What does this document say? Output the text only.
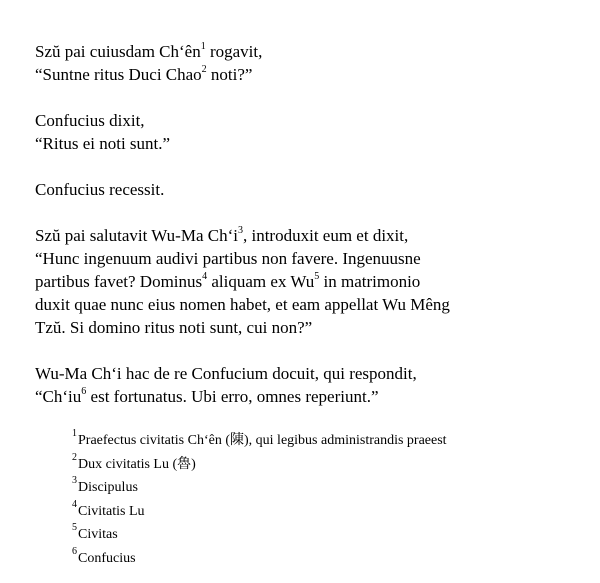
Szŭ pai cuiusdam $Ch‘ên^1$ rogavit,
“Suntne ritus Duci Chao$^2$ noti?”
Confucius dixit,
“Ritus ei noti sunt.”
Confucius recessit.
Szŭ pai salutavit Wu-Ma $Ch‘i^3$, introduxit eum et dixit,
“Hunc ingenuum audivi partibus non favere. Ingenuusne
partibus favet? Dominus$^4$ aliquam ex Wu$^5$ in matrimonio
duxit quae nunc eius nomen habet, et eam appellat Wu Mêng
Tzŭ. Si domino ritus noti sunt, cui non?”
Wu-Ma Ch‘i hac de re Confucium docuit, qui respondit,
“$Ch‘iu^6$ est fortunatus. Ubi erro, omnes reperiunt.”
$^1$Praefectus civitatis Ch‘ên (陳), qui legibus administrandis praeest
$^2$Dux civitatis Lu (魯)
$^3$Discipulus
$^4$Civitatis Lu
$^5$Civitas
$^6$Confucius
